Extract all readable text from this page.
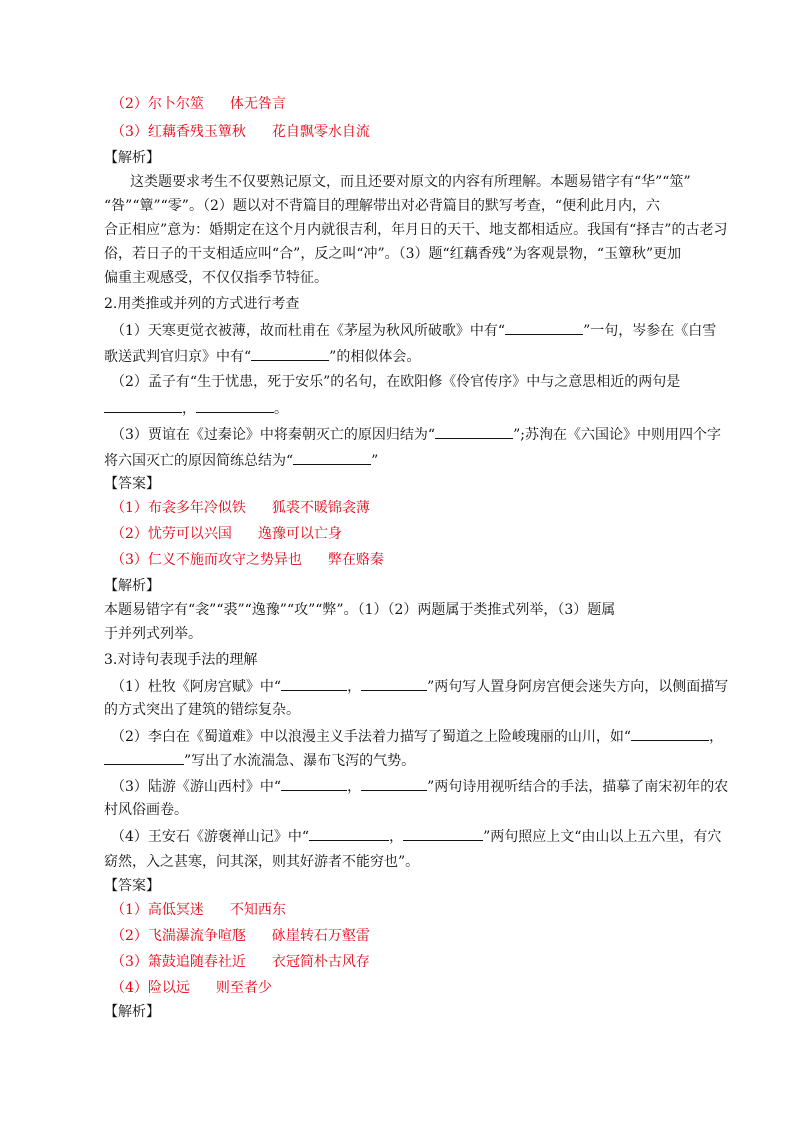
（2）尔卜尔筮 体无咎言
（3）红藕香残玉簟秋 花自飘零水自流
【解析】
这类题要求考生不仅要熟记原文，而且还要对原文的内容有所理解。本题易错字有“华”“筮”
“咎”“簟”“零”。（2）题以对不背篇目的理解带出对必背篇目的默写考查，“便利此月内，六
合正相应”意为：婚期定在这个月内就很吉利，年月日的天干、地支都相适应。我国有“择吉”的古老习
俗，若日子的干支相适应叫“合”，反之叫“冲”。（3）题“红藕香残”为客观景物，“玉簟秋”更加
偏重主观感受，不仅仅指季节特征。
2.用类推或并列的方式进行考查
（1）天寒更觉衣被薄，故而杜甫在《茅屋为秋风所破歌》中有“	”一句，岑参在《白雪
歌送武判官归京》中有“	”的相似体会。
（2）孟子有“生于忧患，死于安乐”的名句，在欧阳修《伶官传序》中与之意思相近的两句是
，	。
（3）贾谊在《过秦论》中将秦朝灭亡的原因归结为“	”;苏洵在《六国论》中则用四个字
将六国灭亡的原因简练总结为“	”
【答案】
（1）布衾多年冷似铁 狐裘不暖锦衾薄
（2）忧劳可以兴国 逸豫可以亡身
（3）仁义不施而攻守之势异也 弊在赂秦
【解析】
本题易错字有“衾”“裘”“逸豫”“攻”“弊”。（1）（2）两题属于类推式列举，（3）题属
于并列式列举。
3.对诗句表现手法的理解
（1）杜牧《阿房宫赋》中“	，	”两句写人置身阿房宫便会迷失方向，以侧面描写
的方式突出了建筑的错综复杂。
（2）李白在《蜀道难》中以浪漫主义手法着力描写了蜀道之上险峻瑰丽的山川，如“	，
”写出了水流湍急、瀑布飞泻的气势。
（3）陆游《游山西村》中“	，	”两句诗用视听结合的手法，描摹了南宋初年的农
村风俗画卷。
（4）王安石《游褒禅山记》中“	，	”两句照应上文“由山以上五六里，有穴
窈然，入之甚寒，问其深，则其好游者不能穷也”。
【答案】
（1）高低冥迷 不知西东
（2）飞湍瀑流争喧豗 砯崖转石万壑雷
（3）箫鼓追随春社近 衣冠简朴古风存
（4）险以远 则至者少
【解析】
